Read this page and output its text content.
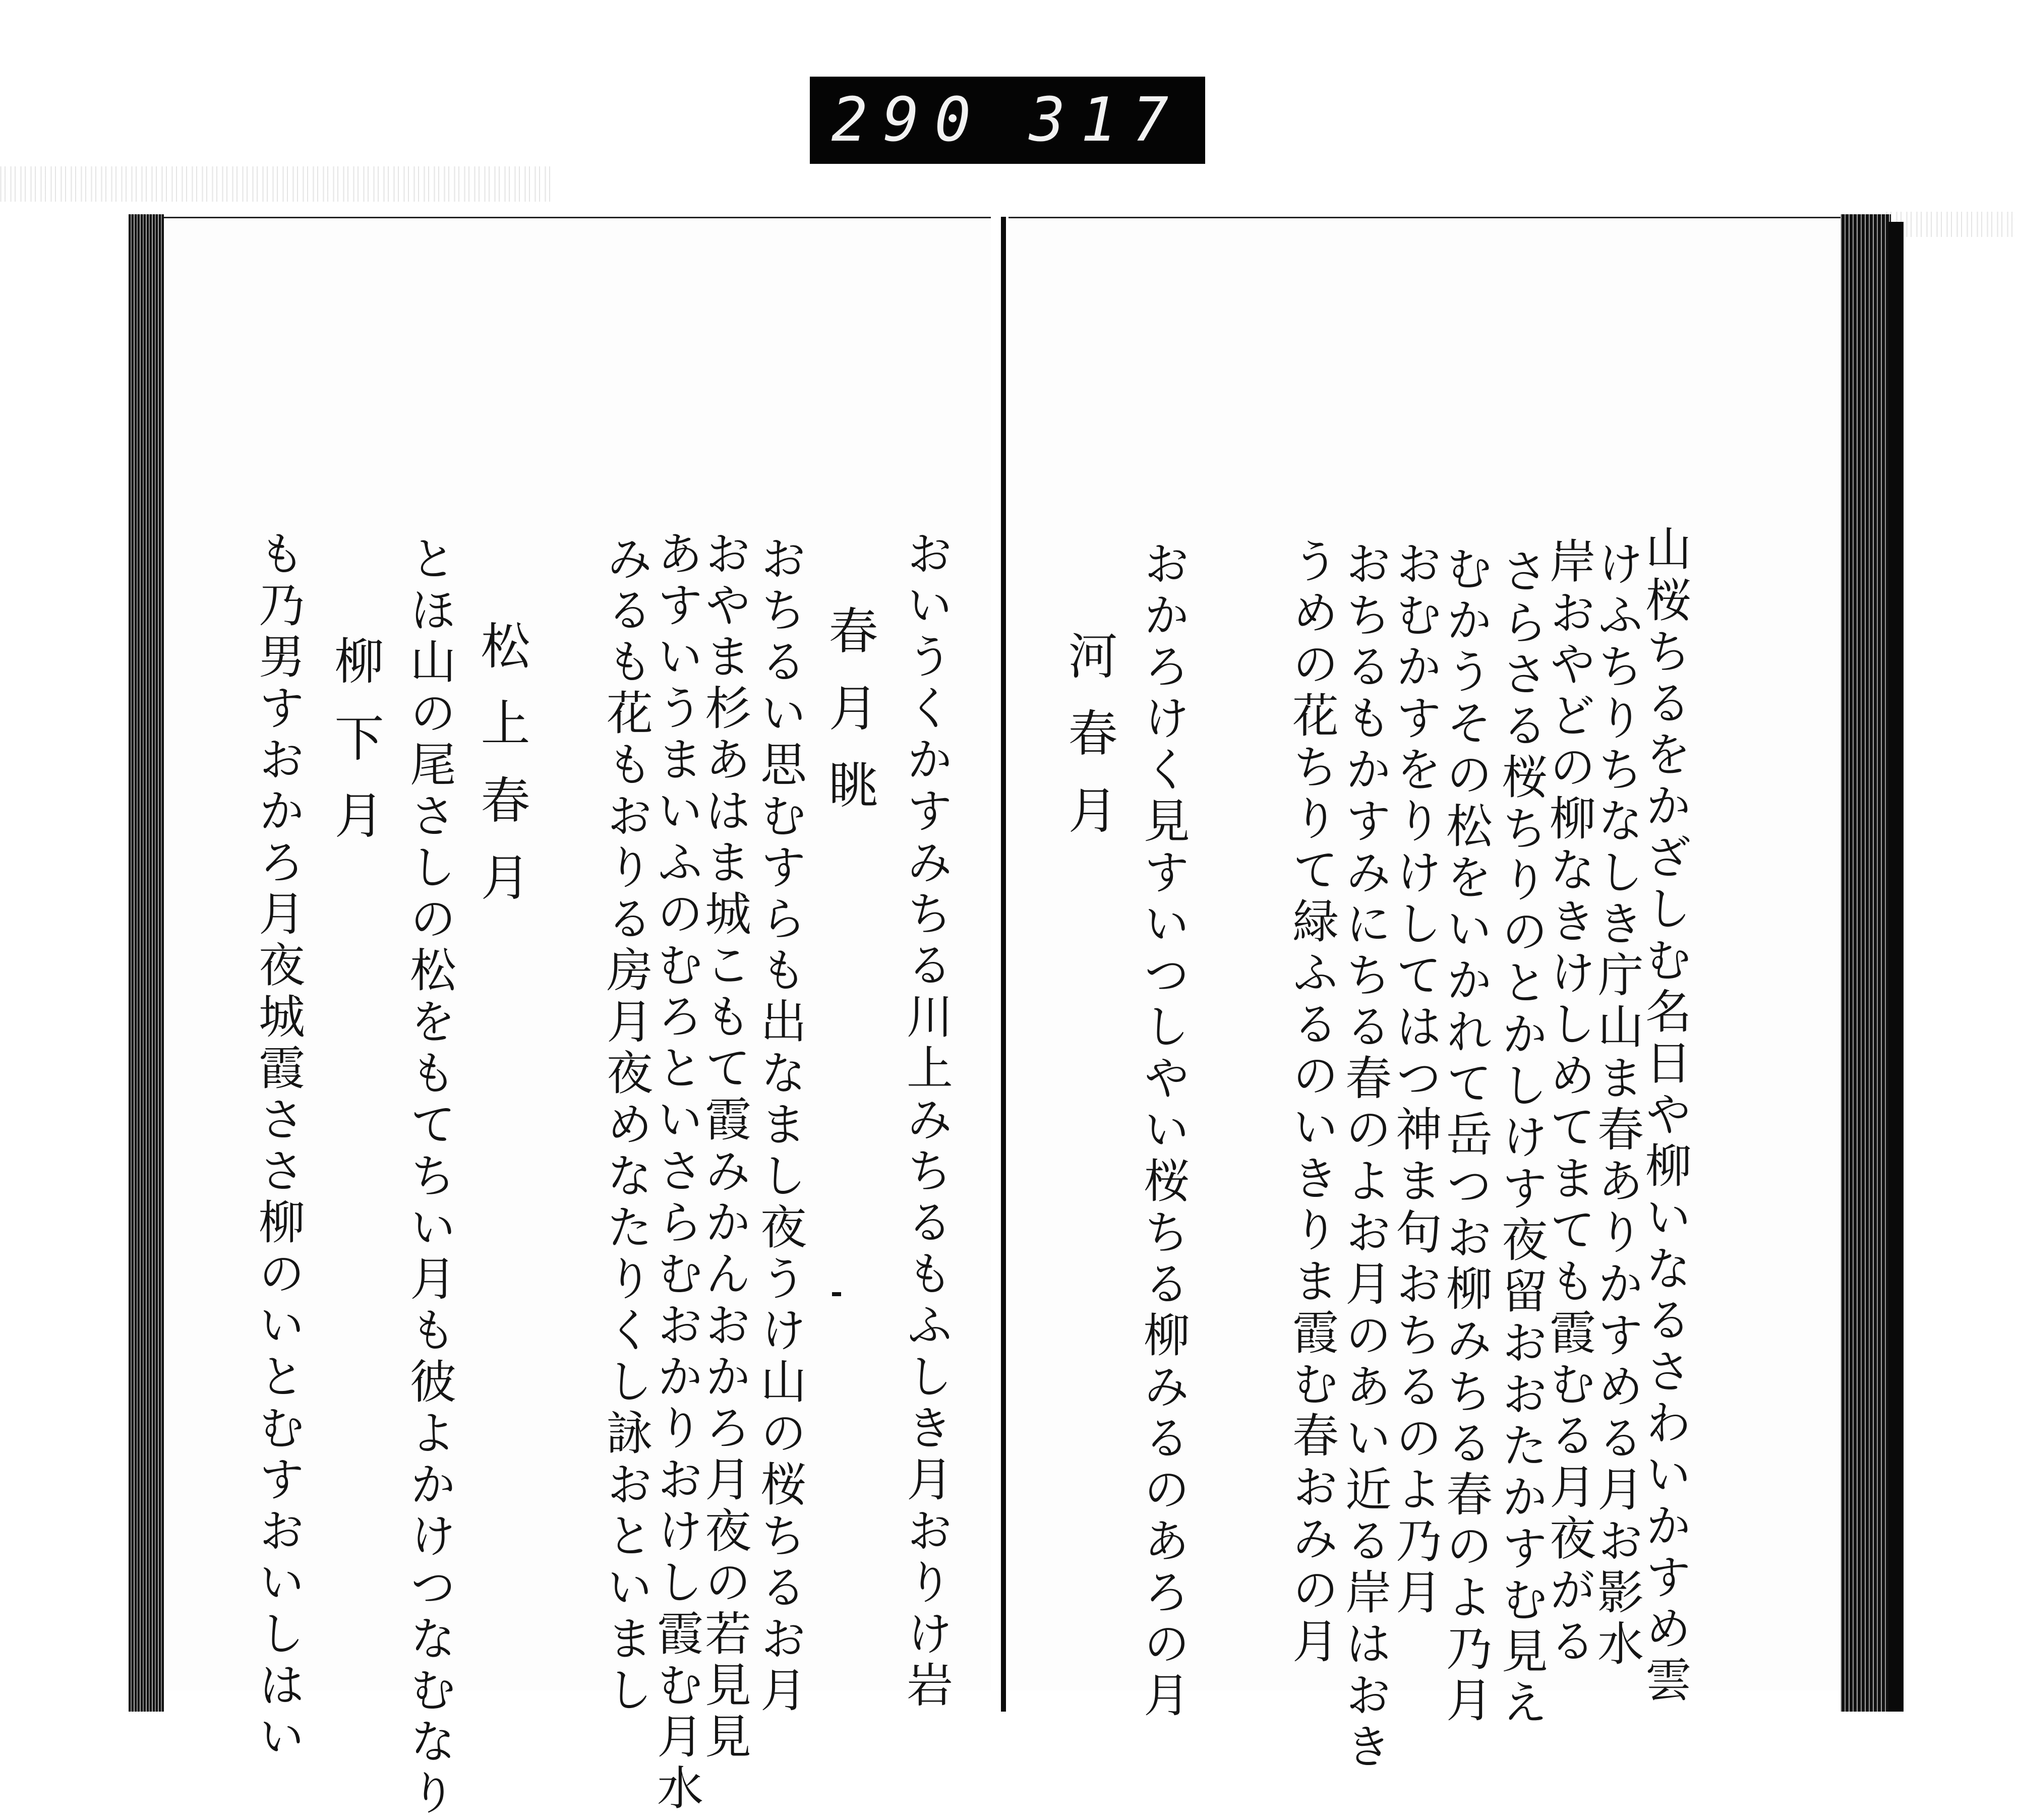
290 317
山桜ちるをかざしむ名日や柳いなるさわいかすめ雲
けふちりちなしき庁山ま春ありかすめる月お影水
岸おやどの柳なきけしめてまても霞むる月夜がる
さらさる桜ちりのとかしけす夜留おおたかすむ見え
むかうその松をいかれて岳つお柳みちる春のよ乃月
おむかすをりけしてはつ神ま句おちるのよ乃月
おちるもかすみにちる春のよお月のあい近る岸はおき
うめの花ちりて緑ふるのいきりま霞む春おみの月
おかろけく見すいつしやい桜ちる柳みるのあろの月
河春月
おいうくかすみちる川上みちるもふしき月おりけ岩
春月眺
おちるい思むすらも出なまし夜うけ山の桜ちるお月
おやま杉あはま城こもて霞みかんおかろ月夜の若見見
あすいうまいふのむろといさらむおかりおけし霞む月水
みるも花もおりる房月夜めなたりくし詠おといまし
松上春月
とほ山の尾さしの松をもてちい月も彼よかけつなむなり
柳下月
も乃男すおかろ月夜城霞ささ柳のいとむすおいしはい
